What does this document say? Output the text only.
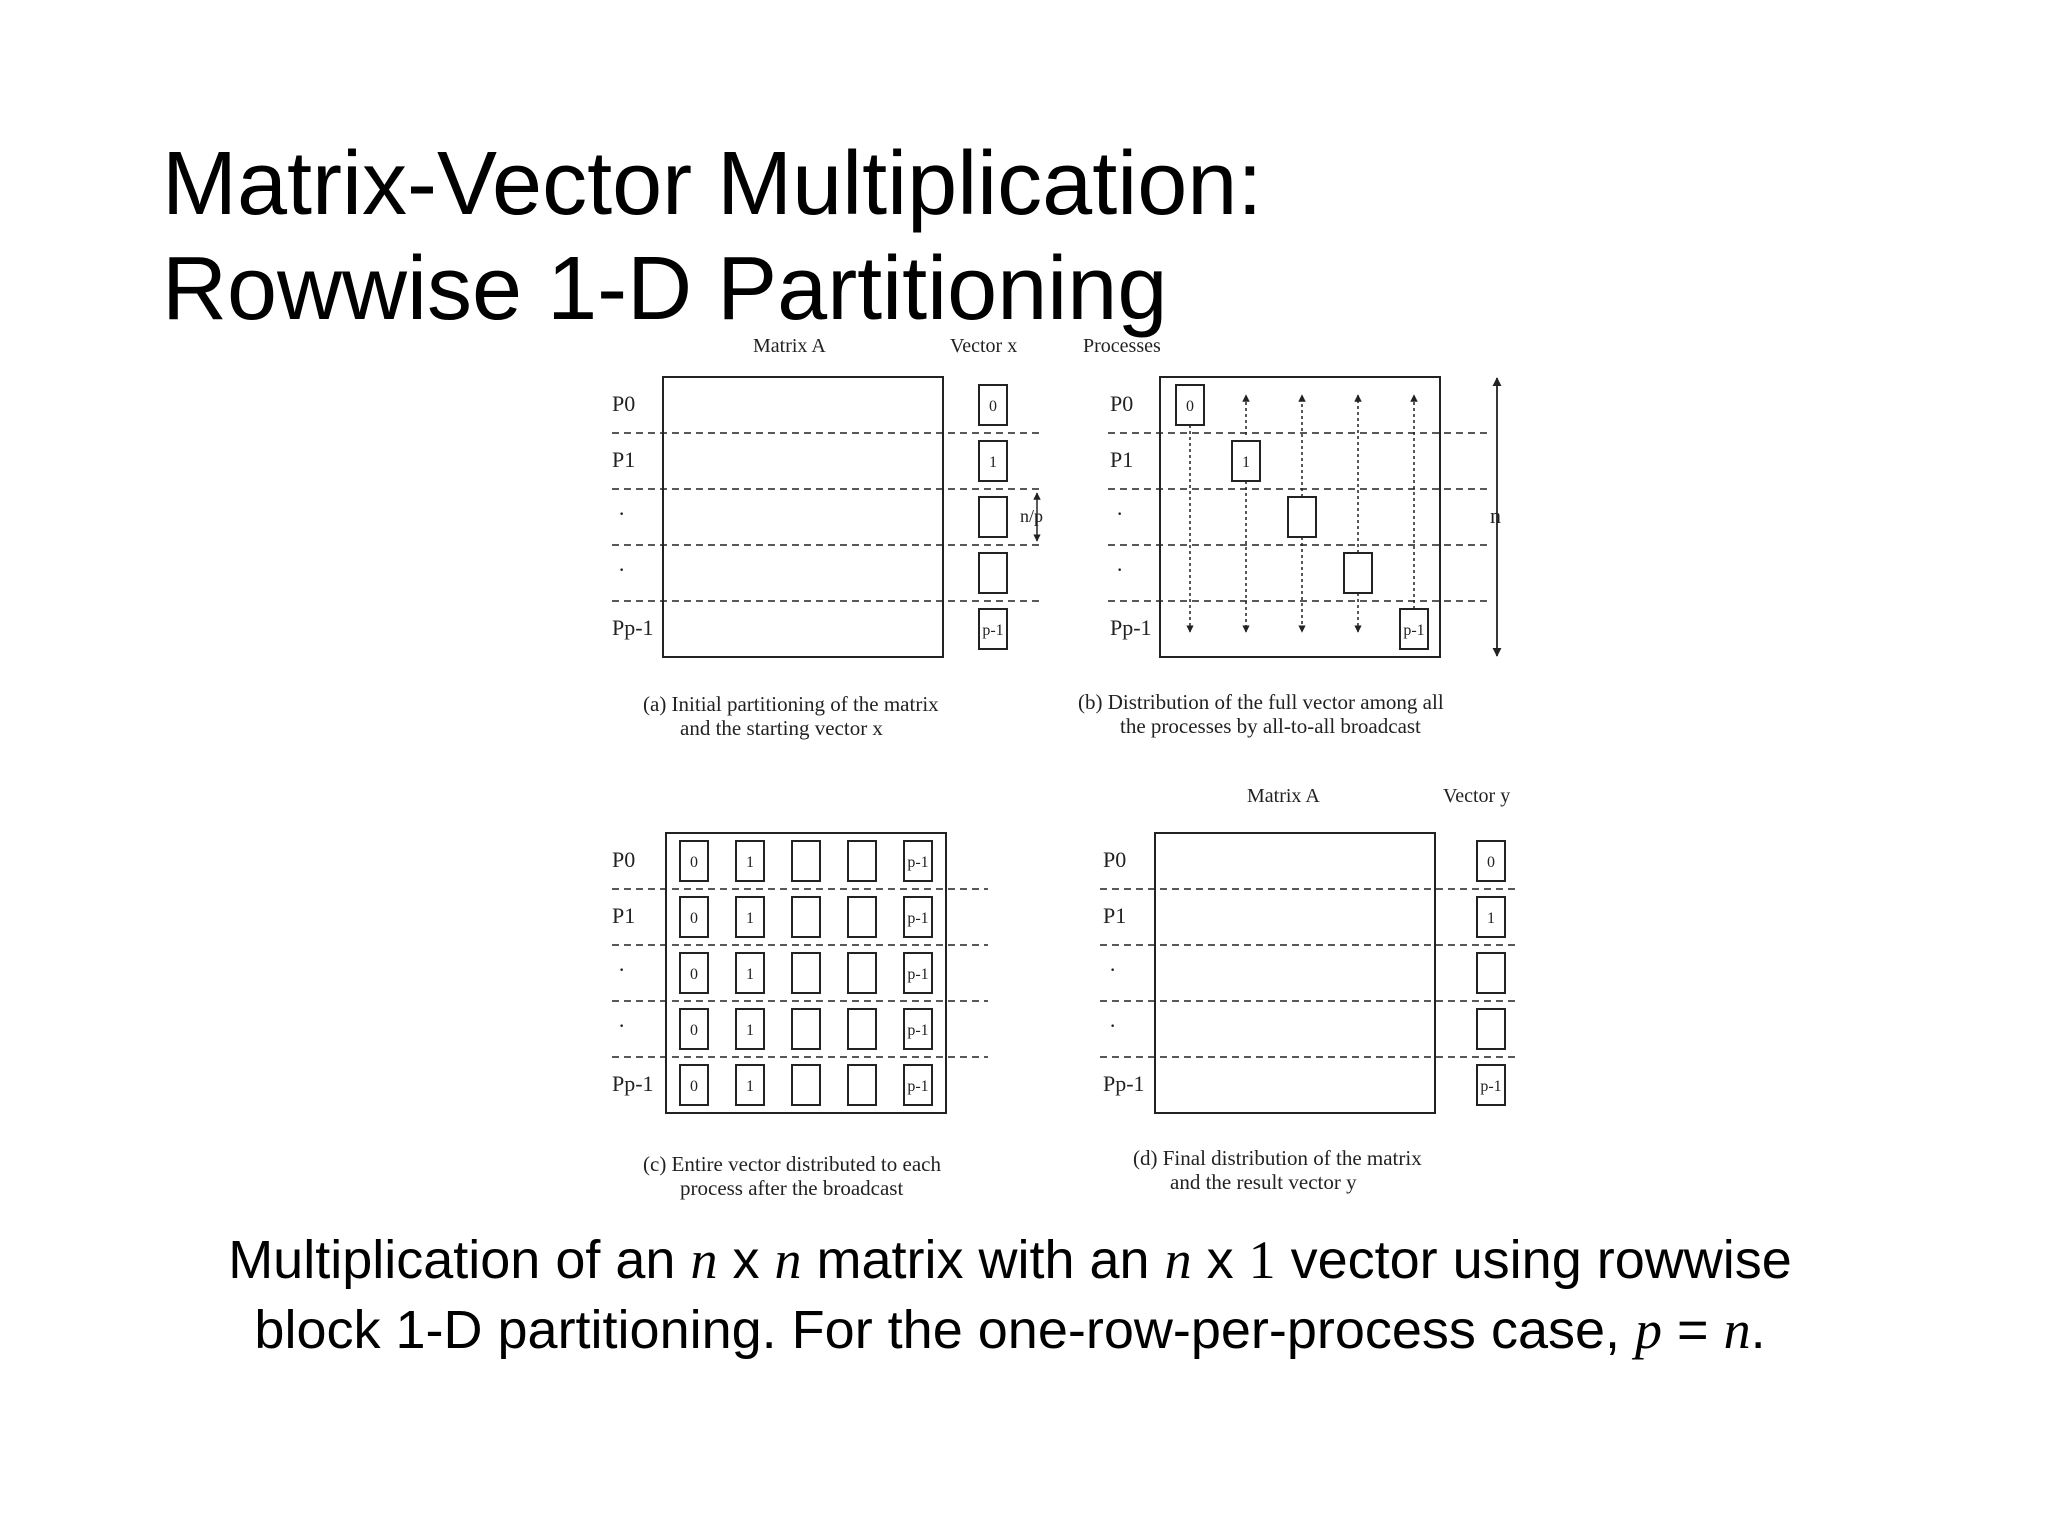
Matrix-Vector Multiplication:
Rowwise 1-D Partitioning
Matrix A	Vector x
P0
P1
·
·
Pp-1
0
1
p-1
n/p
(a) Initial partitioning of the matrix
and the starting vector x
Processes
P0
P1
·
·
Pp-1
0
1
p-1
n
(b) Distribution of the full vector among all
the processes by all-to-all broadcast
P0
P1
·
·
Pp-1
0	1	p-1
0	1	p-1
0	1	p-1
0	1	p-1
0	1	p-1
(c) Entire vector distributed to each
process after the broadcast
Matrix A	Vector y
P0
P1
·
·
Pp-1
0
1
p-1
(d) Final distribution of the matrix
and the result vector y

Multiplication of an n x n matrix with an n x 1 vector using rowwise block 1-D partitioning. For the one-row-per-process case, p = n.
